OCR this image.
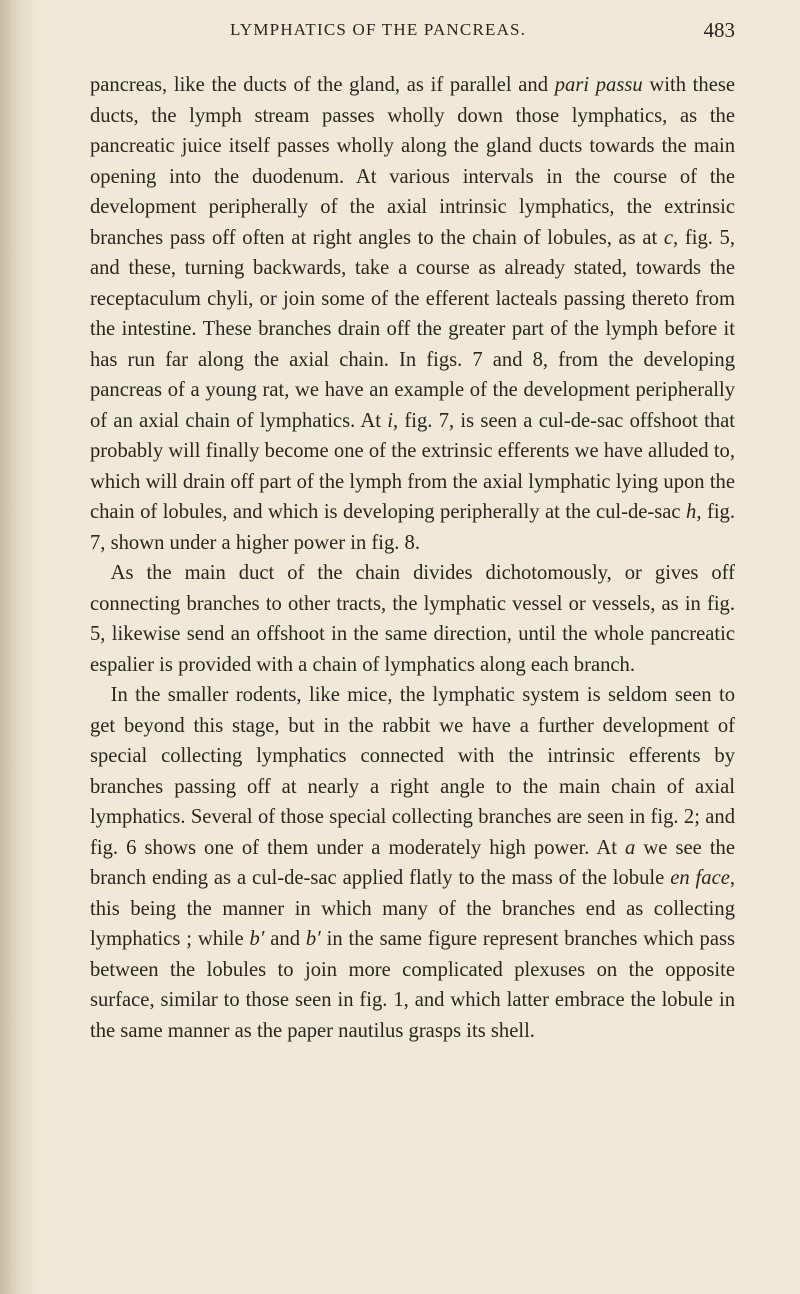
LYMPHATICS OF THE PANCREAS.	483

pancreas, like the ducts of the gland, as if parallel and pari passu with these ducts, the lymph stream passes wholly down those lymphatics, as the pancreatic juice itself passes wholly along the gland ducts towards the main opening into the duodenum. At various intervals in the course of the development peripherally of the axial intrinsic lymphatics, the extrinsic branches pass off often at right angles to the chain of lobules, as at c, fig. 5, and these, turning backwards, take a course as already stated, towards the receptaculum chyli, or join some of the efferent lacteals passing thereto from the intestine. These branches drain off the greater part of the lymph before it has run far along the axial chain. In figs. 7 and 8, from the developing pancreas of a young rat, we have an example of the development peripherally of an axial chain of lymphatics. At i, fig. 7, is seen a cul-de-sac offshoot that probably will finally become one of the extrinsic efferents we have alluded to, which will drain off part of the lymph from the axial lymphatic lying upon the chain of lobules, and which is developing peripherally at the cul-de-sac h, fig. 7, shown under a higher power in fig. 8.

As the main duct of the chain divides dichotomously, or gives off connecting branches to other tracts, the lymphatic vessel or vessels, as in fig. 5, likewise send an offshoot in the same direction, until the whole pancreatic espalier is provided with a chain of lymphatics along each branch.

In the smaller rodents, like mice, the lymphatic system is seldom seen to get beyond this stage, but in the rabbit we have a further development of special collecting lymphatics connected with the intrinsic efferents by branches passing off at nearly a right angle to the main chain of axial lymphatics. Several of those special collecting branches are seen in fig. 2; and fig. 6 shows one of them under a moderately high power. At a we see the branch ending as a cul-de-sac applied flatly to the mass of the lobule en face, this being the manner in which many of the branches end as collecting lymphatics ; while b′ and b′ in the same figure represent branches which pass between the lobules to join more complicated plexuses on the opposite surface, similar to those seen in fig. 1, and which latter embrace the lobule in the same manner as the paper nautilus grasps its shell.
